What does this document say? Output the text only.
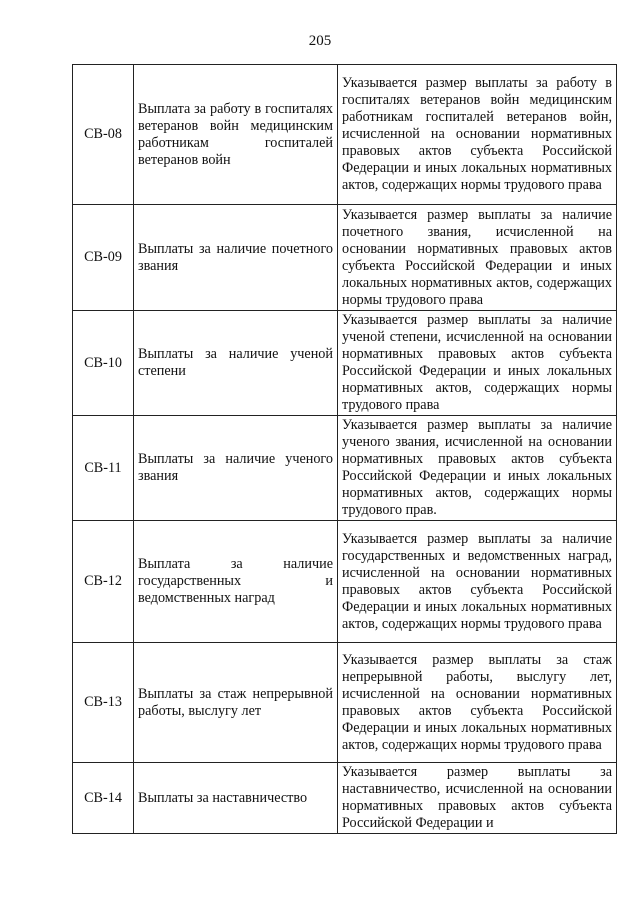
205
СВ-08	Выплата за работу в госпиталях ветеранов войн медицинским работникам госпиталей ветеранов войн	Указывается размер выплаты за работу в госпиталях ветеранов войн медицинским работникам госпиталей ветеранов войн, исчисленной на основании нормативных правовых актов субъекта Российской Федерации и иных локальных нормативных актов, содержащих нормы трудового права

СВ-09	Выплаты за наличие почетного звания	Указывается размер выплаты за наличие почетного звания, исчисленной на основании нормативных правовых актов субъекта Российской Федерации и иных локальных нормативных актов, содержащих нормы трудового права

СВ-10	Выплаты за наличие ученой степени	Указывается размер выплаты за наличие ученой степени, исчисленной на основании нормативных правовых актов субъекта Российской Федерации и иных локальных нормативных актов, содержащих нормы трудового права

СВ-11	Выплаты за наличие ученого звания	Указывается размер выплаты за наличие ученого звания, исчисленной на основании нормативных правовых актов субъекта Российской Федерации и иных локальных нормативных актов, содержащих нормы трудового прав.

СВ-12	Выплата за наличие государственных и ведомственных наград	Указывается размер выплаты за наличие государственных и ведомственных наград, исчисленной на основании нормативных правовых актов субъекта Российской Федерации и иных локальных нормативных актов, содержащих нормы трудового права

СВ-13	Выплаты за стаж непрерывной работы, выслугу лет	Указывается размер выплаты за стаж непрерывной работы, выслугу лет, исчисленной на основании нормативных правовых актов субъекта Российской Федерации и иных локальных нормативных актов, содержащих нормы трудового права

СВ-14	Выплаты за наставничество	Указывается размер выплаты за наставничество, исчисленной на основании нормативных правовых актов субъекта Российской Федерации и
